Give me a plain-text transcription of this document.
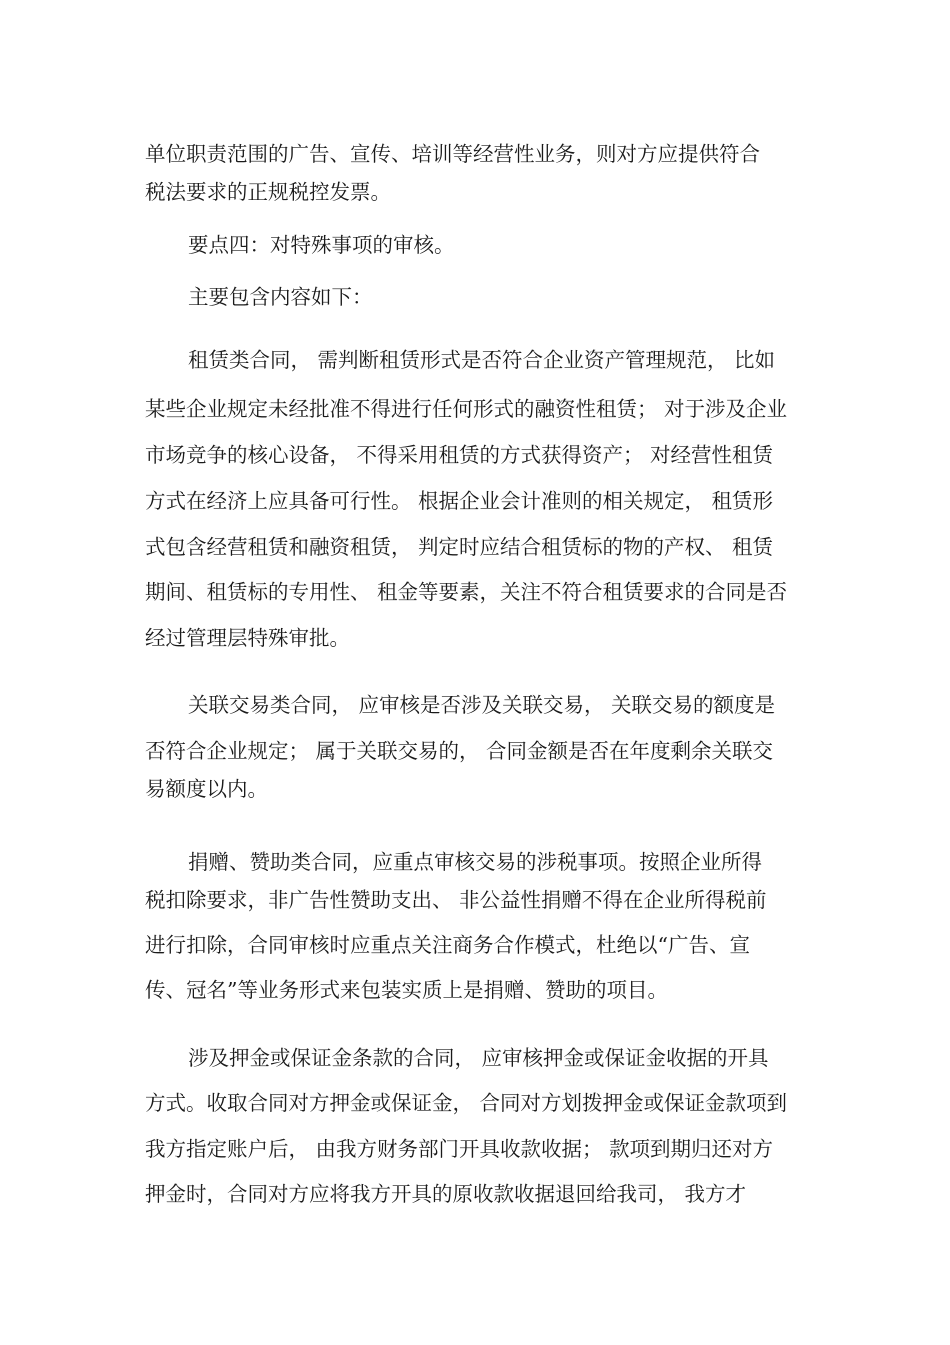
单位职责范围的广告、宣传、培训等经营性业务，则对方应提供符合

税法要求的正规税控发票。

要点四：对特殊事项的审核。

主要包含内容如下：

租赁类合同， 需判断租赁形式是否符合企业资产管理规范， 比如

某些企业规定未经批准不得进行任何形式的融资性租赁； 对于涉及企业

市场竞争的核心设备， 不得采用租赁的方式获得资产； 对经营性租赁

方式在经济上应具备可行性。 根据企业会计准则的相关规定， 租赁形

式包含经营租赁和融资租赁， 判定时应结合租赁标的物的产权、 租赁

期间、租赁标的专用性、 租金等要素，关注不符合租赁要求的合同是否

经过管理层特殊审批。

关联交易类合同， 应审核是否涉及关联交易， 关联交易的额度是

否符合企业规定； 属于关联交易的， 合同金额是否在年度剩余关联交

易额度以内。

捐赠、赞助类合同，应重点审核交易的涉税事项。按照企业所得

税扣除要求，非广告性赞助支出、 非公益性捐赠不得在企业所得税前

进行扣除，合同审核时应重点关注商务合作模式，杜绝以“广告、宣

传、冠名”等业务形式来包装实质上是捐赠、赞助的项目。

涉及押金或保证金条款的合同， 应审核押金或保证金收据的开具

方式。收取合同对方押金或保证金， 合同对方划拨押金或保证金款项到

我方指定账户后， 由我方财务部门开具收款收据； 款项到期归还对方

押金时，合同对方应将我方开具的原收款收据退回给我司， 我方才
